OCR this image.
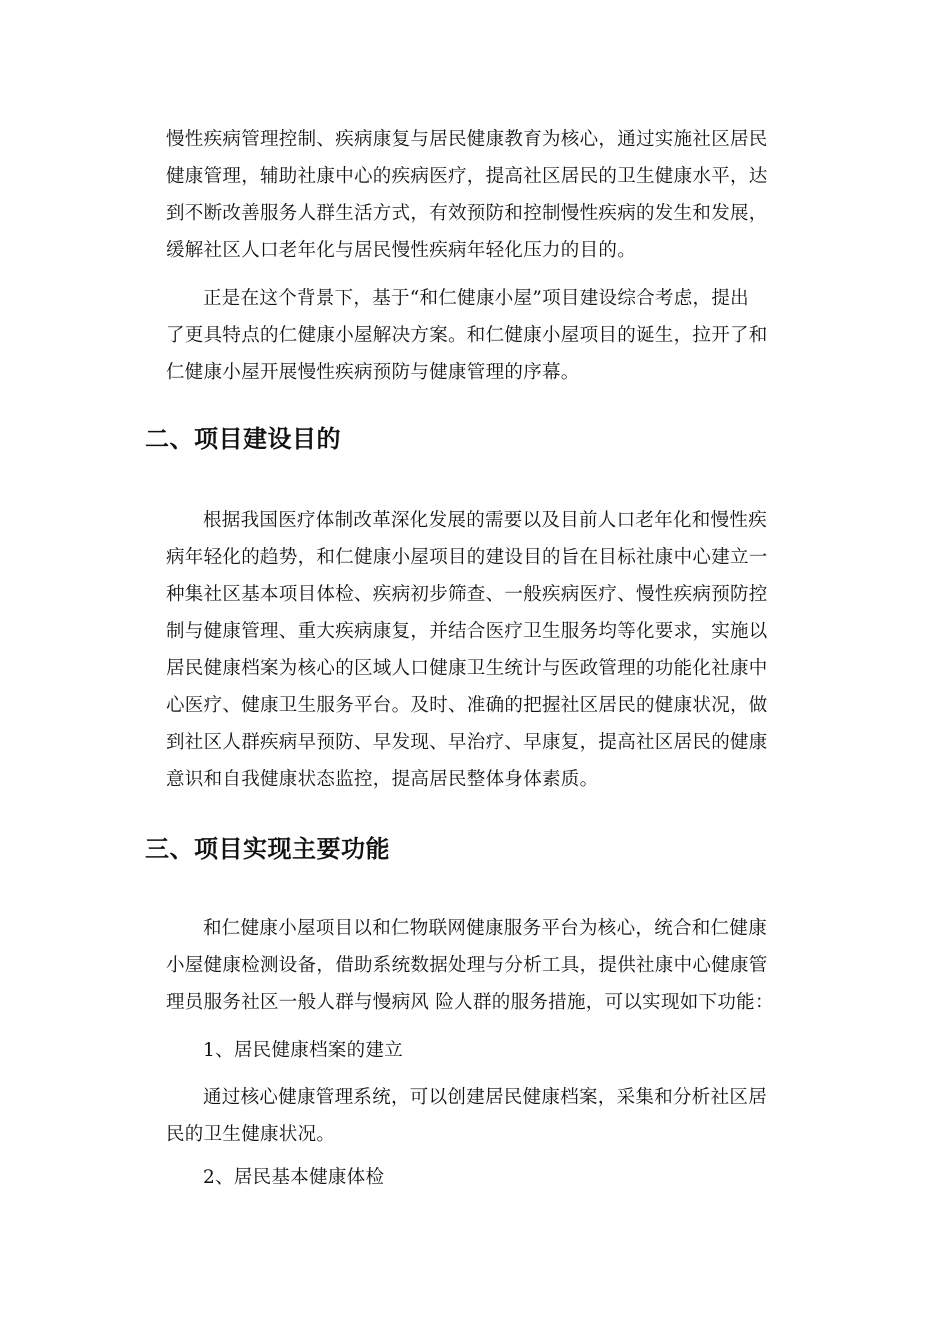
慢性疾病管理控制、疾病康复与居民健康教育为核心，通过实施社区居民
健康管理，辅助社康中心的疾病医疗，提高社区居民的卫生健康水平，达
到不断改善服务人群生活方式，有效预防和控制慢性疾病的发生和发展，
缓解社区人口老年化与居民慢性疾病年轻化压力的目的。
正是在这个背景下，基于“和仁健康小屋”项目建设综合考虑，提出
了更具特点的仁健康小屋解决方案。和仁健康小屋项目的诞生，拉开了和
仁健康小屋开展慢性疾病预防与健康管理的序幕。
二、项目建设目的
根据我国医疗体制改革深化发展的需要以及目前人口老年化和慢性疾
病年轻化的趋势，和仁健康小屋项目的建设目的旨在目标社康中心建立一
种集社区基本项目体检、疾病初步筛查、一般疾病医疗、慢性疾病预防控
制与健康管理、重大疾病康复，并结合医疗卫生服务均等化要求，实施以
居民健康档案为核心的区域人口健康卫生统计与医政管理的功能化社康中
心医疗、健康卫生服务平台。及时、准确的把握社区居民的健康状况，做
到社区人群疾病早预防、早发现、早治疗、早康复，提高社区居民的健康
意识和自我健康状态监控，提高居民整体身体素质。
三、项目实现主要功能
和仁健康小屋项目以和仁物联网健康服务平台为核心，统合和仁健康
小屋健康检测设备，借助系统数据处理与分析工具，提供社康中心健康管
理员服务社区一般人群与慢病风 险人群的服务措施，可以实现如下功能：
1、居民健康档案的建立
通过核心健康管理系统，可以创建居民健康档案，采集和分析社区居
民的卫生健康状况。
2、居民基本健康体检
